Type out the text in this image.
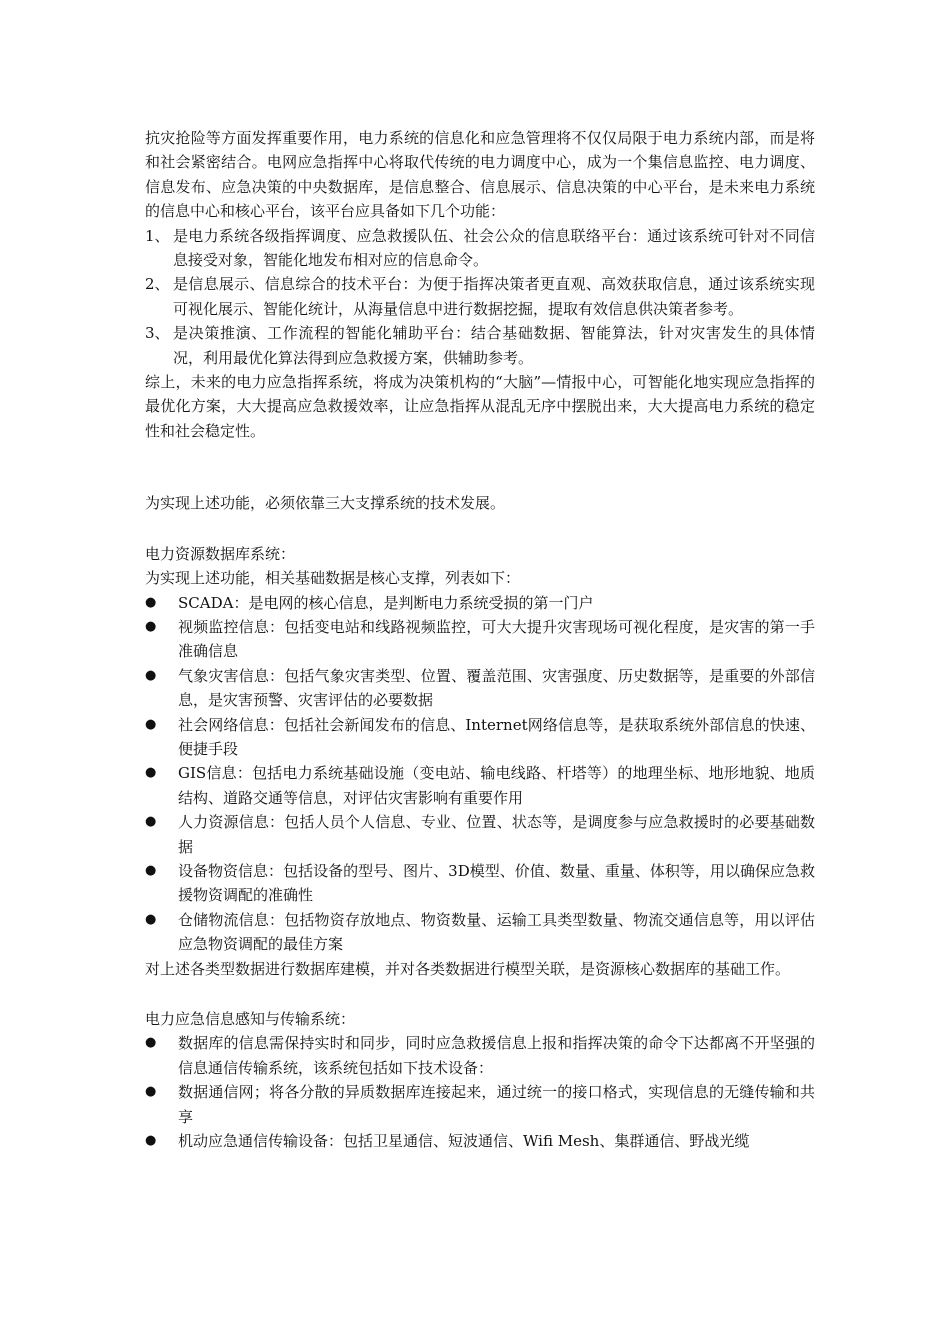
抗灾抢险等方面发挥重要作用，电力系统的信息化和应急管理将不仅仅局限于电力系统内部，而是将和社会紧密结合。电网应急指挥中心将取代传统的电力调度中心，成为一个集信息监控、电力调度、信息发布、应急决策的中央数据库，是信息整合、信息展示、信息决策的中心平台，是未来电力系统的信息中心和核心平台，该平台应具备如下几个功能：

1、 是电力系统各级指挥调度、应急救援队伍、社会公众的信息联络平台：通过该系统可针对不同信息接受对象，智能化地发布相对应的信息命令。
2、 是信息展示、信息综合的技术平台：为便于指挥决策者更直观、高效获取信息，通过该系统实现可视化展示、智能化统计，从海量信息中进行数据挖掘，提取有效信息供决策者参考。
3、 是决策推演、工作流程的智能化辅助平台：结合基础数据、智能算法，针对灾害发生的具体情况，利用最优化算法得到应急救援方案，供辅助参考。

综上，未来的电力应急指挥系统，将成为决策机构的“大脑”—情报中心，可智能化地实现应急指挥的最优化方案，大大提高应急救援效率，让应急指挥从混乱无序中摆脱出来，大大提高电力系统的稳定性和社会稳定性。

为实现上述功能，必须依靠三大支撑系统的技术发展。

电力资源数据库系统：

为实现上述功能，相关基础数据是核心支撑，列表如下：

● SCADA：是电网的核心信息，是判断电力系统受损的第一门户
● 视频监控信息：包括变电站和线路视频监控，可大大提升灾害现场可视化程度，是灾害的第一手准确信息
● 气象灾害信息：包括气象灾害类型、位置、覆盖范围、灾害强度、历史数据等，是重要的外部信息，是灾害预警、灾害评估的必要数据
● 社会网络信息：包括社会新闻发布的信息、Internet网络信息等，是获取系统外部信息的快速、便捷手段
● GIS信息：包括电力系统基础设施（变电站、输电线路、杆塔等）的地理坐标、地形地貌、地质结构、道路交通等信息，对评估灾害影响有重要作用
● 人力资源信息：包括人员个人信息、专业、位置、状态等，是调度参与应急救援时的必要基础数据
● 设备物资信息：包括设备的型号、图片、3D模型、价值、数量、重量、体积等，用以确保应急救援物资调配的准确性
● 仓储物流信息：包括物资存放地点、物资数量、运输工具类型数量、物流交通信息等，用以评估应急物资调配的最佳方案

对上述各类型数据进行数据库建模，并对各类数据进行模型关联，是资源核心数据库的基础工作。

电力应急信息感知与传输系统：

● 数据库的信息需保持实时和同步，同时应急救援信息上报和指挥决策的命令下达都离不开坚强的信息通信传输系统，该系统包括如下技术设备：
● 数据通信网；将各分散的异质数据库连接起来，通过统一的接口格式，实现信息的无缝传输和共享
● 机动应急通信传输设备：包括卫星通信、短波通信、Wifi Mesh、集群通信、野战光缆
